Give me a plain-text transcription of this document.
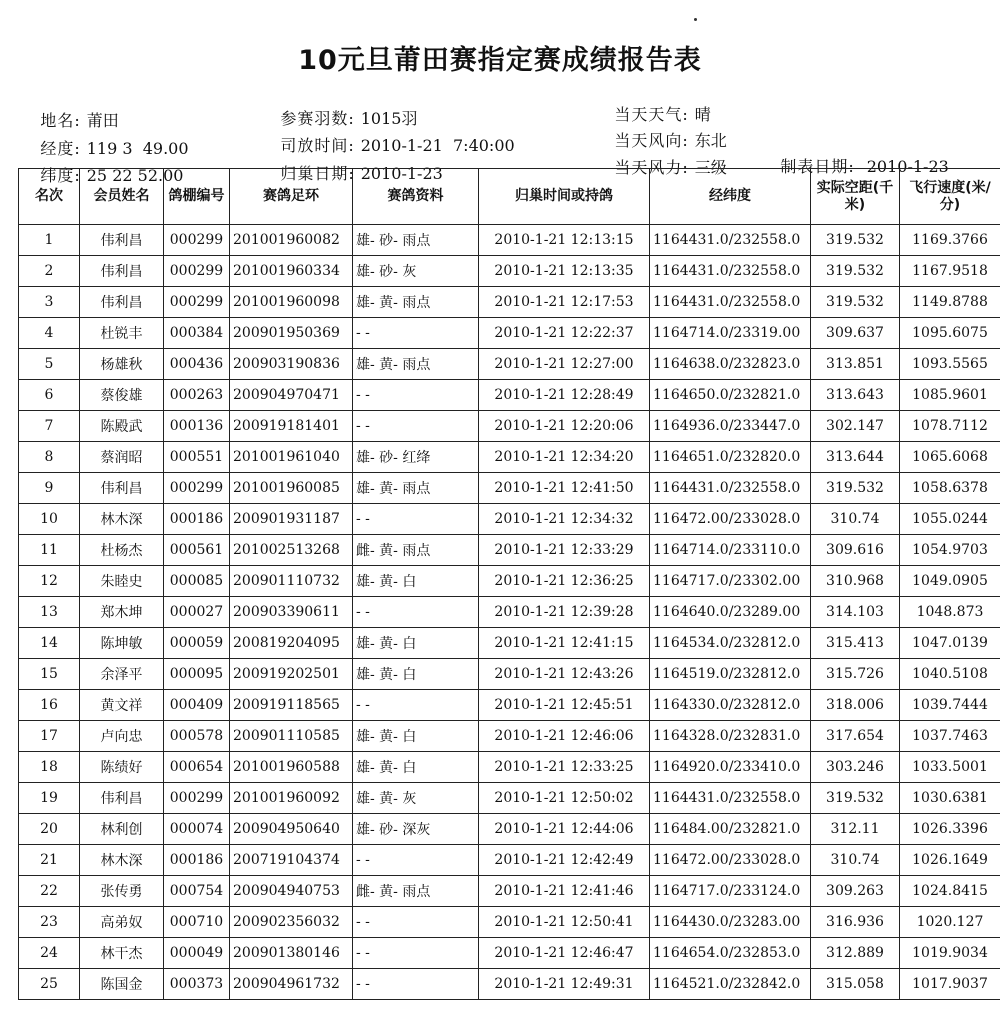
10元旦莆田赛指定赛成绩报告表

地名: 莆田

经度: 119 3  49.00

纬度: 25 22 52.00

参赛羽数: 1015羽

司放时间: 2010-1-21  7:40:00

归巢日期: 2010-1-23

当天天气: 晴

当天风向: 东北

当天风力: 三级
	制表日期: 2010-1-23

名次	会员姓名	鸽棚编号	赛鸽足环	赛鸽资料	归巢时间或持鸽	经纬度	实际空距(千米)	飞行速度(米/分)
1	伟利昌	000299	201001960082	雄- 砂- 雨点	2010-1-21 12:13:15	1164431.0/232558.0	319.532	1169.3766
2	伟利昌	000299	201001960334	雄- 砂- 灰	2010-1-21 12:13:35	1164431.0/232558.0	319.532	1167.9518
3	伟利昌	000299	201001960098	雄- 黄- 雨点	2010-1-21 12:17:53	1164431.0/232558.0	319.532	1149.8788
4	杜锐丰	000384	200901950369	- -	2010-1-21 12:22:37	1164714.0/23319.00	309.637	1095.6075
5	杨雄秋	000436	200903190836	雄- 黄- 雨点	2010-1-21 12:27:00	1164638.0/232823.0	313.851	1093.5565
6	蔡俊雄	000263	200904970471	- -	2010-1-21 12:28:49	1164650.0/232821.0	313.643	1085.9601
7	陈殿武	000136	200919181401	- -	2010-1-21 12:20:06	1164936.0/233447.0	302.147	1078.7112
8	蔡润昭	000551	201001961040	雄- 砂- 红绛	2010-1-21 12:34:20	1164651.0/232820.0	313.644	1065.6068
9	伟利昌	000299	201001960085	雄- 黄- 雨点	2010-1-21 12:41:50	1164431.0/232558.0	319.532	1058.6378
10	林木深	000186	200901931187	- -	2010-1-21 12:34:32	116472.00/233028.0	310.74	1055.0244
11	杜杨杰	000561	201002513268	雌- 黄- 雨点	2010-1-21 12:33:29	1164714.0/233110.0	309.616	1054.9703
12	朱睦史	000085	200901110732	雄- 黄- 白	2010-1-21 12:36:25	1164717.0/23302.00	310.968	1049.0905
13	郑木坤	000027	200903390611	- -	2010-1-21 12:39:28	1164640.0/23289.00	314.103	1048.873
14	陈坤敏	000059	200819204095	雄- 黄- 白	2010-1-21 12:41:15	1164534.0/232812.0	315.413	1047.0139
15	余泽平	000095	200919202501	雄- 黄- 白	2010-1-21 12:43:26	1164519.0/232812.0	315.726	1040.5108
16	黄文祥	000409	200919118565	- -	2010-1-21 12:45:51	1164330.0/232812.0	318.006	1039.7444
17	卢向忠	000578	200901110585	雄- 黄- 白	2010-1-21 12:46:06	1164328.0/232831.0	317.654	1037.7463
18	陈绩好	000654	201001960588	雄- 黄- 白	2010-1-21 12:33:25	1164920.0/233410.0	303.246	1033.5001
19	伟利昌	000299	201001960092	雄- 黄- 灰	2010-1-21 12:50:02	1164431.0/232558.0	319.532	1030.6381
20	林利创	000074	200904950640	雄- 砂- 深灰	2010-1-21 12:44:06	116484.00/232821.0	312.11	1026.3396
21	林木深	000186	200719104374	- -	2010-1-21 12:42:49	116472.00/233028.0	310.74	1026.1649
22	张传勇	000754	200904940753	雌- 黄- 雨点	2010-1-21 12:41:46	1164717.0/233124.0	309.263	1024.8415
23	高弟奴	000710	200902356032	- -	2010-1-21 12:50:41	1164430.0/23283.00	316.936	1020.127
24	林干杰	000049	200901380146	- -	2010-1-21 12:46:47	1164654.0/232853.0	312.889	1019.9034
25	陈国金	000373	200904961732	- -	2010-1-21 12:49:31	1164521.0/232842.0	315.058	1017.9037
